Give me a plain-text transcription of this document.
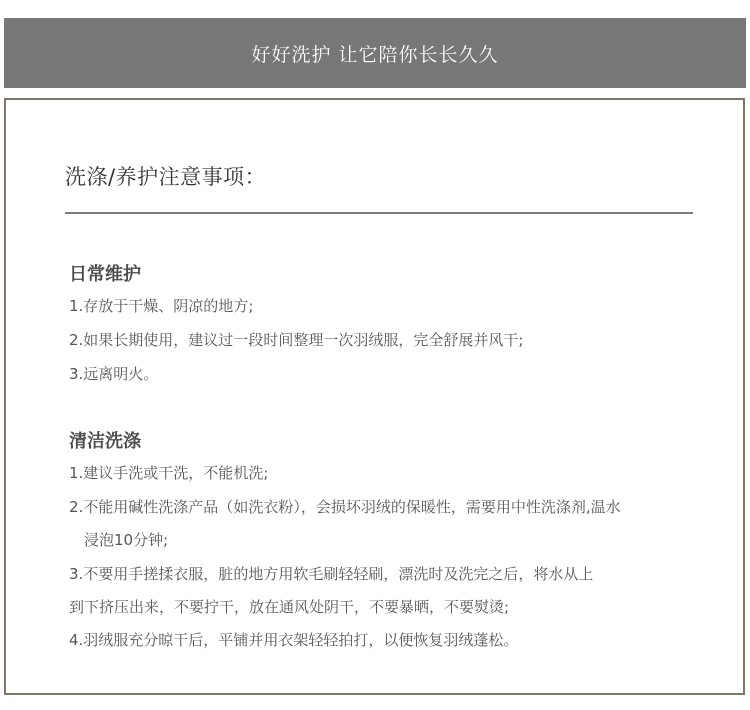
好好洗护 让它陪你长长久久
洗涤/养护注意事项：
日常维护
1.存放于干燥、阴凉的地方;
2.如果长期使用，建议过一段时间整理一次羽绒服，完全舒展并风干;
3.远离明火。
清洁洗涤
1.建议手洗或干洗，不能机洗;
2.不能用碱性洗涤产品（如洗衣粉），会损坏羽绒的保暖性，需要用中性洗涤剂,温水
浸泡10分钟;
3.不要用手搓揉衣服，脏的地方用软毛刷轻轻刷，漂洗时及洗完之后，将水从上
到下挤压出来，不要拧干，放在通风处阴干，不要暴晒，不要熨烫;
4.羽绒服充分晾干后，平铺并用衣架轻轻拍打，以便恢复羽绒蓬松。
